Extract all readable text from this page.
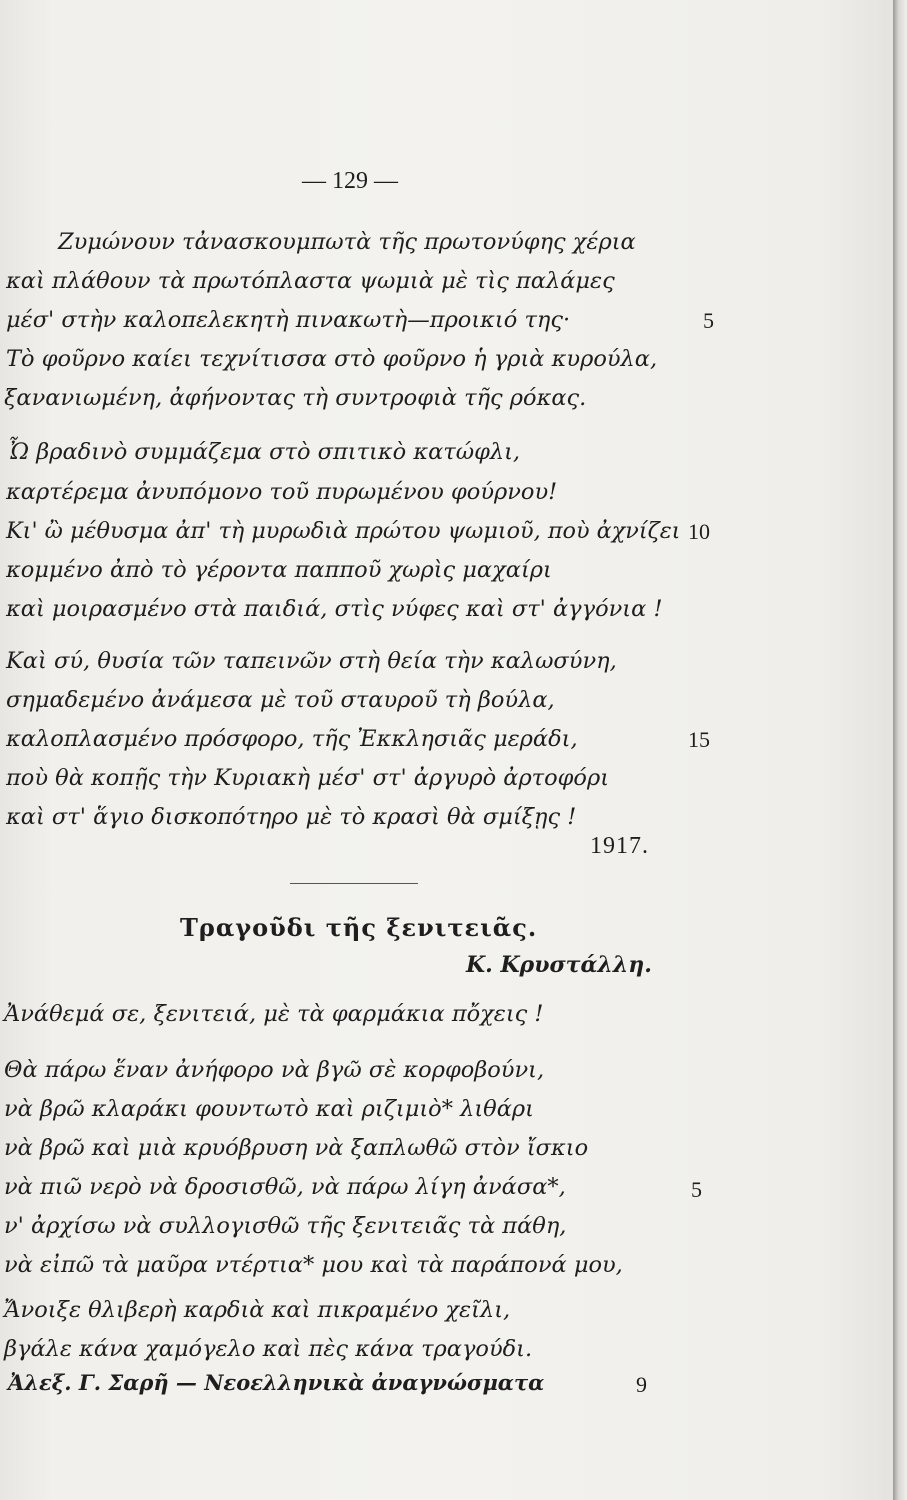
— 129 —
Ζυμώνουν τἀνασκουμπωτὰ τῆς πρωτονύφης χέρια
καὶ πλάθουν τὰ πρωτόπλαστα ψωμιὰ μὲ τὶς παλάμες
μέσ' στὴν καλοπελεκητὴ πινακωτὴ—προικιό της·
Τὸ φοῦρνο καίει τεχνίτισσα στὸ φοῦρνο ἡ γριὰ κυρούλα,
ξανανιωμένη, ἀφήνοντας τὴ συντροφιὰ τῆς ρόκας.
Ὦ βραδινὸ συμμάζεμα στὸ σπιτικὸ κατώφλι,
καρτέρεμα ἀνυπόμονο τοῦ πυρωμένου φούρνου!
Κι' ὢ μέθυσμα ἀπ' τὴ μυρωδιὰ πρώτου ψωμιοῦ, ποὺ ἀχνίζει
κομμένο ἀπὸ τὸ γέροντα παπποῦ χωρὶς μαχαίρι
καὶ μοιρασμένο στὰ παιδιά, στὶς νύφες καὶ στ' ἀγγόνια !
Καὶ σύ, θυσία τῶν ταπεινῶν στὴ θεία τὴν καλωσύνη,
σημαδεμένο ἀνάμεσα μὲ τοῦ σταυροῦ τὴ βούλα,
καλοπλασμένο πρόσφορο, τῆς Ἐκκλησιᾶς μεράδι,
ποὺ θὰ κοπῇς τὴν Κυριακὴ μέσ' στ' ἀργυρὸ ἀρτοφόρι
καὶ στ' ἅγιο δισκοπότηρο μὲ τὸ κρασὶ θὰ σμίξῃς !
5
10
15
1917.
Τραγοῦδι τῆς ξενιτειᾶς.
Κ. Κρυστάλλη.
Ἀνάθεμά σε, ξενιτειά, μὲ τὰ φαρμάκια πὄχεις !
Θὰ πάρω ἕναν ἀνήφορο νὰ βγῶ σὲ κορφοβούνι,
νὰ βρῶ κλαράκι φουντωτὸ καὶ ριζιμιὸ* λιθάρι
νὰ βρῶ καὶ μιὰ κρυόβρυση νὰ ξαπλωθῶ στὸν ἴσκιο
νὰ πιῶ νερὸ νὰ δροσισθῶ, νὰ πάρω λίγη ἀνάσα*,
ν' ἀρχίσω νὰ συλλογισθῶ τῆς ξενιτειᾶς τὰ πάθη,
νὰ εἰπῶ τὰ μαῦρα ντέρτια* μου καὶ τὰ παράπονά μου,
Ἄνοιξε θλιβερὴ καρδιὰ καὶ πικραμένο χεῖλι,
βγάλε κάνα χαμόγελο καὶ πὲς κάνα τραγούδι.
5
Ἀλεξ. Γ. Σαρῆ — Νεοελληνικὰ ἀναγνώσματα	9
